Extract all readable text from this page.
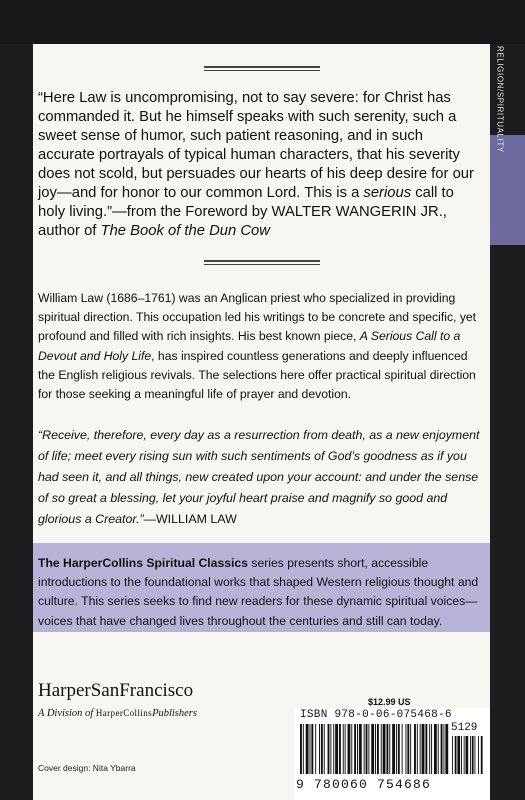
RELIGION/SPIRITUALITY
“Here Law is uncompromising, not to say severe: for Christ has commanded it. But he himself speaks with such serenity, such a sweet sense of humor, such patient reasoning, and in such accurate portrayals of typical human characters, that his severity does not scold, but persuades our hearts of his deep desire for our joy—and for honor to our common Lord. This is a serious call to holy living.”—from the Foreword by WALTER WANGERIN JR., author of The Book of the Dun Cow
William Law (1686–1761) was an Anglican priest who specialized in providing spiritual direction. This occupation led his writings to be concrete and specific, yet profound and filled with rich insights. His best known piece, A Serious Call to a Devout and Holy Life, has inspired countless generations and deeply influenced the English religious revivals. The selections here offer practical spiritual direction for those seeking a meaningful life of prayer and devotion.
“Receive, therefore, every day as a resurrection from death, as a new enjoyment of life; meet every rising sun with such sentiments of God’s goodness as if you had seen it, and all things, new created upon your account: and under the sense of so great a blessing, let your joyful heart praise and magnify so good and glorious a Creator.”—WILLIAM LAW
The HarperCollins Spiritual Classics series presents short, accessible introductions to the foundational works that shaped Western religious thought and culture. This series seeks to find new readers for these dynamic spiritual voices—voices that have changed lives throughout the centuries and still can today.
HarperSanFrancisco
A Division of HarperCollinsPublishers
$12.99 US
ISBN 978-0-06-075468-6
5129
9 780060 754686
Cover design: Nita Ybarra
